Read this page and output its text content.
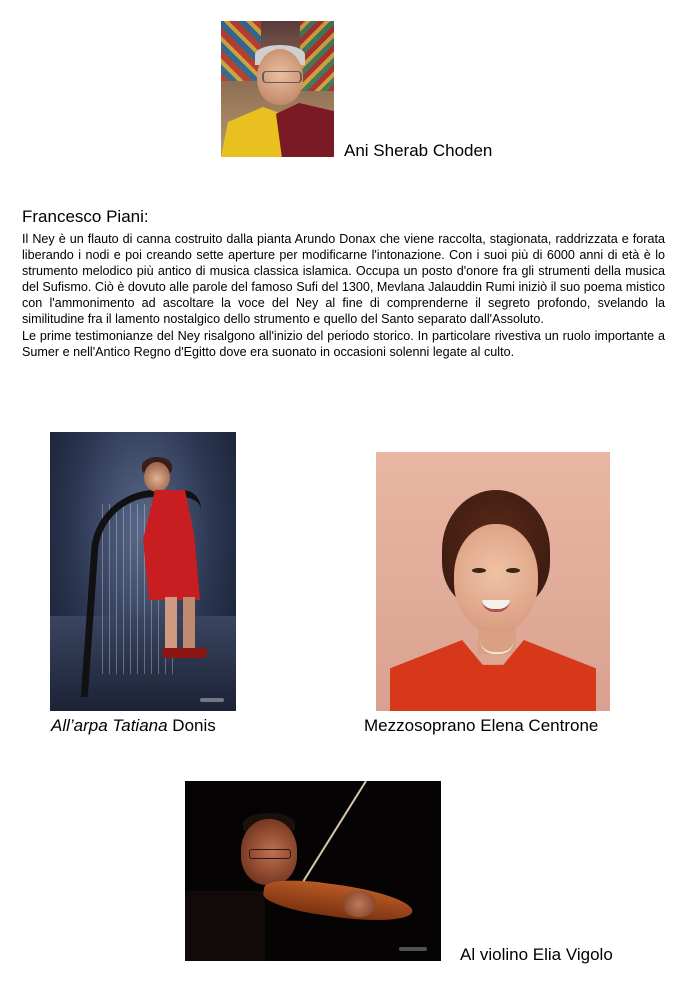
Ani Sherab Choden
Francesco Piani:

Il Ney è un flauto di canna costruito dalla pianta Arundo Donax che viene raccolta, stagionata, raddrizzata e forata liberando i nodi e poi creando sette aperture per modificarne l'intonazione. Con i suoi più di 6000 anni di età è lo strumento melodico più antico di musica classica islamica. Occupa un posto d'onore fra gli strumenti della musica del Sufismo. Ciò è dovuto alle parole del famoso Sufi del 1300, Mevlana Jalauddin Rumi iniziò il suo poema mistico con l'ammonimento ad ascoltare la voce del Ney al fine di comprenderne il segreto profondo, svelando la similitudine fra il lamento nostalgico dello strumento e quello del Santo separato dall'Assoluto.

Le prime testimonianze del Ney risalgono all'inizio del periodo storico. In particolare rivestiva un ruolo importante a Sumer e nell'Antico Regno d'Egitto dove era suonato in occasioni solenni legate al culto.

All’arpa Tatiana Donis	Mezzosoprano Elena Centrone
Al violino Elia Vigolo
